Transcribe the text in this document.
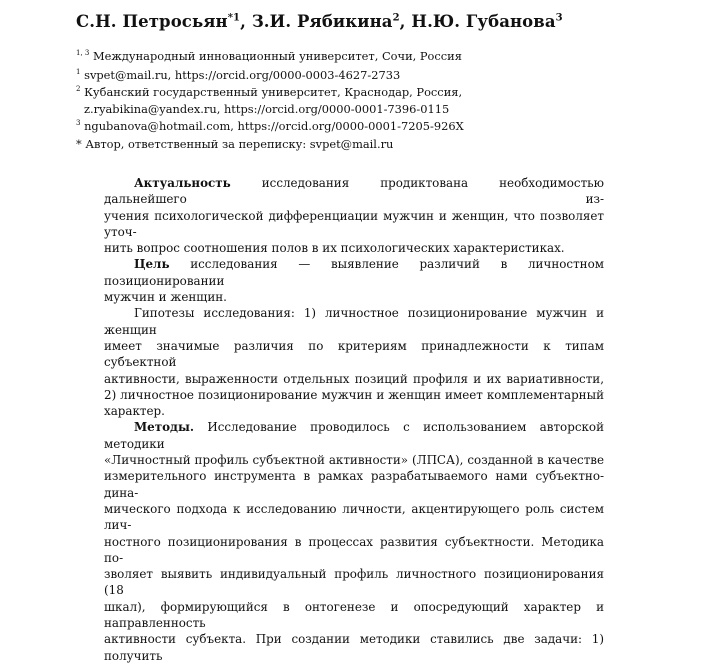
С.Н. Петросьян$^{*1}$, З.И. Рябикина$^2$, Н.Ю. Губанова$^3$
$^{1, 3}$ Международный инновационный университет, Сочи, Россия
$^1$ svpet@mail.ru, https://orcid.org/0000-0003-4627-2733
$^2$ Кубанский государственный университет, Краснодар, Россия,
z.ryabikina@yandex.ru, https://orcid.org/0000-0001-7396-0115
$^3$ ngubanova@hotmail.com, https://orcid.org/0000-0001-7205-926X
* Автор, ответственный за переписку: svpet@mail.ru

Актуальность исследования продиктована необходимостью дальнейшего из-

учения психологической дифференциации мужчин и женщин, что позволяет уточ-

нить вопрос соотношения полов в их психологических характеристиках.

Цель исследования — выявление различий в личностном позиционировании

мужчин и женщин.

Гипотезы исследования: 1) личностное позиционирование мужчин и женщин

имеет значимые различия по критериям принадлежности к типам субъектной

активности, выраженности отдельных позиций профиля и их вариативности,

2) личностное позиционирование мужчин и женщин имеет комплементарный

характер.

Методы. Исследование проводилось с использованием авторской методики

«Личностный профиль субъектной активности» (ЛПСА), созданной в качестве

измерительного инструмента в рамках разрабатываемого нами субъектно-дина-

мического подхода к исследованию личности, акцентирующего роль систем лич-

ностного позиционирования в процессах развития субъектности. Методика по-

зволяет выявить индивидуальный профиль личностного позиционирования (18

шкал), формирующийся в онтогенезе и опосредующий характер и направленность

активности субъекта. При создании методики ставились две задачи: 1) получить
